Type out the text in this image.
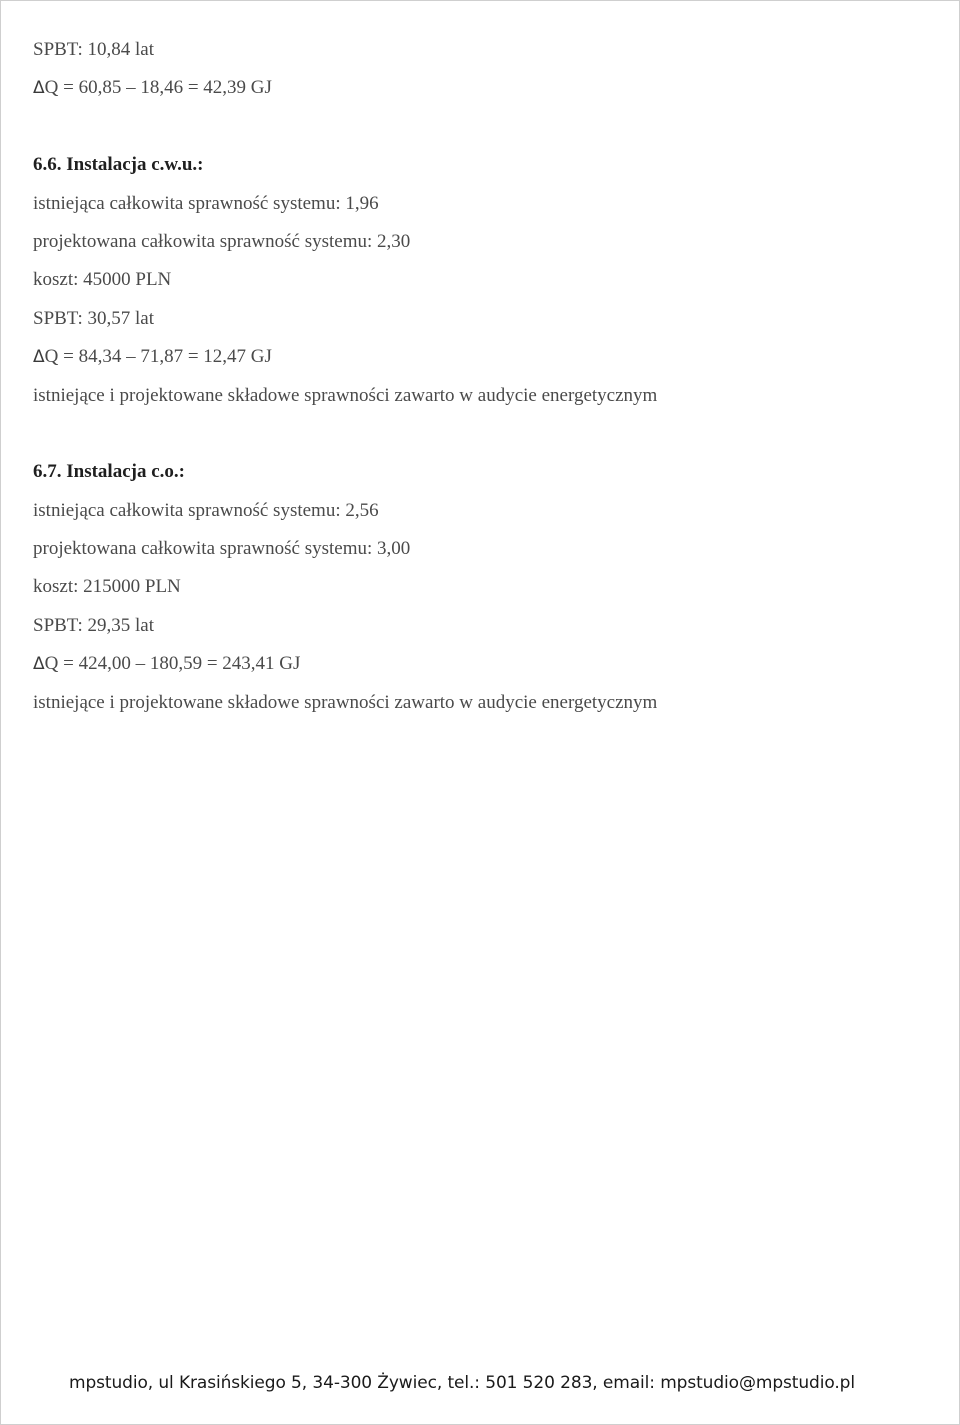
SPBT: 10,84 lat
ΔQ = 60,85 – 18,46 = 42,39 GJ
6.6. Instalacja c.w.u.:
istniejąca całkowita sprawność systemu: 1,96
projektowana całkowita sprawność systemu: 2,30
koszt: 45000 PLN
SPBT: 30,57 lat
ΔQ = 84,34 – 71,87 = 12,47 GJ
istniejące i projektowane składowe sprawności zawarto w audycie energetycznym
6.7. Instalacja c.o.:
istniejąca całkowita sprawność systemu: 2,56
projektowana całkowita sprawność systemu: 3,00
koszt: 215000 PLN
SPBT: 29,35 lat
ΔQ = 424,00 – 180,59 = 243,41 GJ
istniejące i projektowane składowe sprawności zawarto w audycie energetycznym
mpstudio, ul Krasińskiego 5, 34-300 Żywiec, tel.: 501 520 283, email: mpstudio@mpstudio.pl
